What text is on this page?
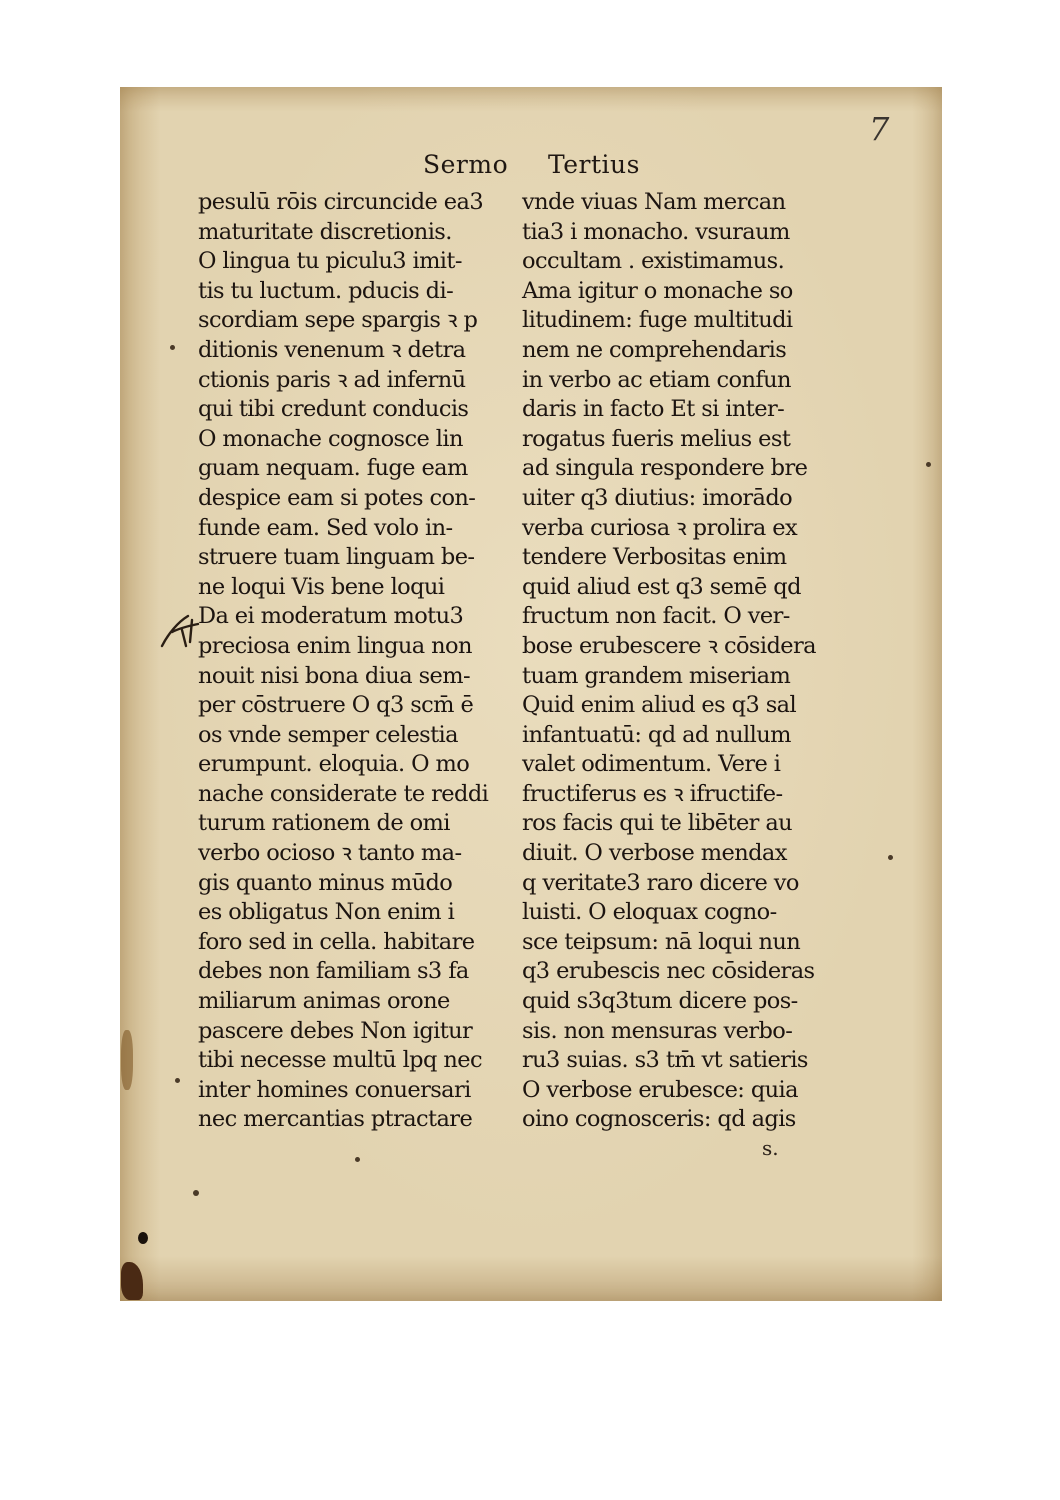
7
Sermo Tertius
pesulū rōis circuncide ea3
maturitate discretionis.
O lingua tu piculu3 imit-
tis tu luctum. pducis di-
scordiam sepe spargis ꝛ p
ditionis venenum ꝛ detra
ctionis paris ꝛ ad infernū
qui tibi credunt conducis
O monache cognosce lin
guam nequam. fuge eam
despice eam si potes con-
funde eam. Sed volo in-
struere tuam linguam be-
ne loqui Vis bene loqui
Da ei moderatum motu3
preciosa enim lingua non
nouit nisi bona diua sem-
per cōstruere O q3 scm̄ ē
os vnde semper celestia
erumpunt. eloquia. O mo
nache considerate te reddi
turum rationem de omi
verbo ocioso ꝛ tanto ma-
gis quanto minus mūdo
es obligatus Non enim i
foro sed in cella. habitare
debes non familiam s3 fa
miliarum animas orone
pascere debes Non igitur
tibi necesse multū lpq nec
inter homines conuersari
nec mercantias ptractare
vnde viuas Nam mercan
tia3 i monacho. vsuraum
occultam . existimamus.
Ama igitur o monache so
litudinem: fuge multitudi
nem ne comprehendaris
in verbo ac etiam confun
daris in facto Et si inter-
rogatus fueris melius est
ad singula respondere bre
uiter q3 diutius: imorādo
verba curiosa ꝛ prolira ex
tendere Verbositas enim
quid aliud est q3 semē qd
fructum non facit. O ver-
bose erubescere ꝛ cōsidera
tuam grandem miseriam
Quid enim aliud es q3 sal
infantuatū: qd ad nullum
valet odimentum. Vere i
fructiferus es ꝛ ifructife-
ros facis qui te libēter au
diuit. O verbose mendax
q veritate3 raro dicere vo
luisti. O eloquax cogno-
sce teipsum: nā loqui nun
q3 erubescis nec cōsideras
quid s3q3tum dicere pos-
sis. non mensuras verbo-
ru3 suias. s3 tm̄ vt satieris
O verbose erubesce: quia
oino cognosceris: qd agis
s.
